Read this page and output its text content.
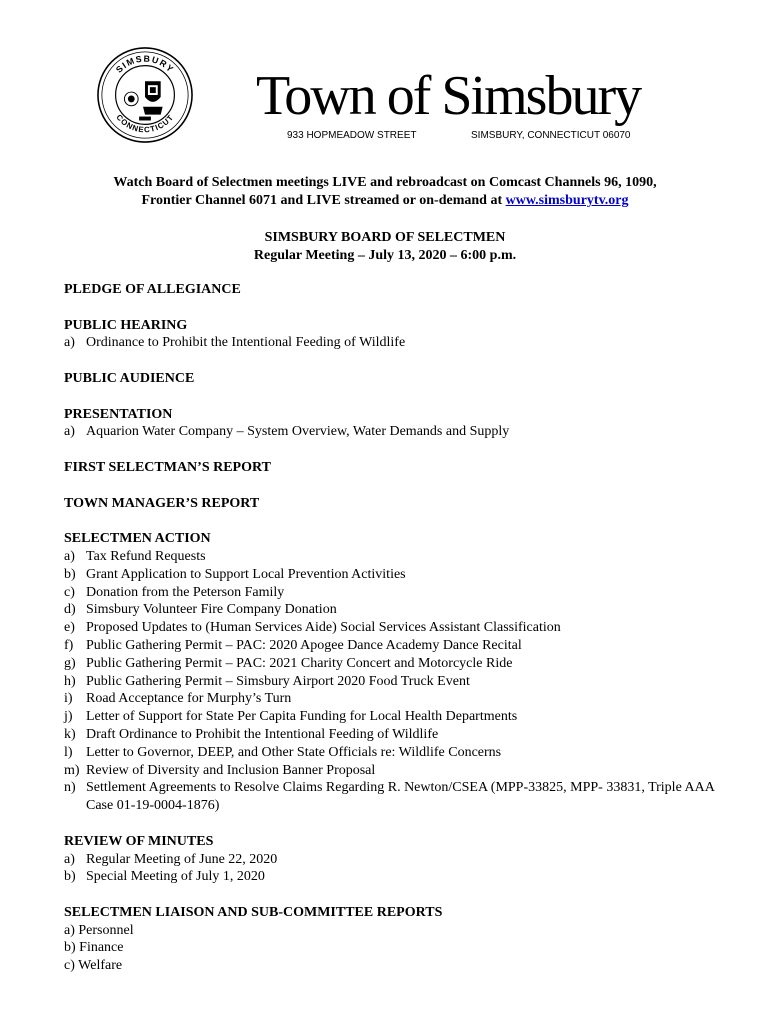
SIMSBURY
CONNECTICUT Town of Simsbury
933 HOPMEADOW STREET	SIMSBURY, CONNECTICUT 06070
Watch Board of Selectmen meetings LIVE and rebroadcast on Comcast Channels 96, 1090,
Frontier Channel 6071 and LIVE streamed or on-demand at www.simsburytv.org
SIMSBURY BOARD OF SELECTMEN
Regular Meeting – July 13, 2020 – 6:00 p.m.
PLEDGE OF ALLEGIANCE
PUBLIC HEARING
a) Ordinance to Prohibit the Intentional Feeding of Wildlife
PUBLIC AUDIENCE
PRESENTATION
a) Aquarion Water Company – System Overview, Water Demands and Supply
FIRST SELECTMAN’S REPORT
TOWN MANAGER’S REPORT
SELECTMEN ACTION
a) Tax Refund Requests
b) Grant Application to Support Local Prevention Activities
c) Donation from the Peterson Family
d) Simsbury Volunteer Fire Company Donation
e) Proposed Updates to (Human Services Aide) Social Services Assistant Classification
f) Public Gathering Permit – PAC: 2020 Apogee Dance Academy Dance Recital
g) Public Gathering Permit – PAC: 2021 Charity Concert and Motorcycle Ride
h) Public Gathering Permit – Simsbury Airport 2020 Food Truck Event
i) Road Acceptance for Murphy’s Turn
j) Letter of Support for State Per Capita Funding for Local Health Departments
k) Draft Ordinance to Prohibit the Intentional Feeding of Wildlife
l) Letter to Governor, DEEP, and Other State Officials re: Wildlife Concerns
m) Review of Diversity and Inclusion Banner Proposal
n) Settlement Agreements to Resolve Claims Regarding R. Newton/CSEA (MPP-33825, MPP- 33831, Triple AAA Case 01-19-0004-1876)
REVIEW OF MINUTES
a) Regular Meeting of June 22, 2020
b) Special Meeting of July 1, 2020
SELECTMEN LIAISON AND SUB-COMMITTEE REPORTS
a) Personnel
b) Finance
c) Welfare
